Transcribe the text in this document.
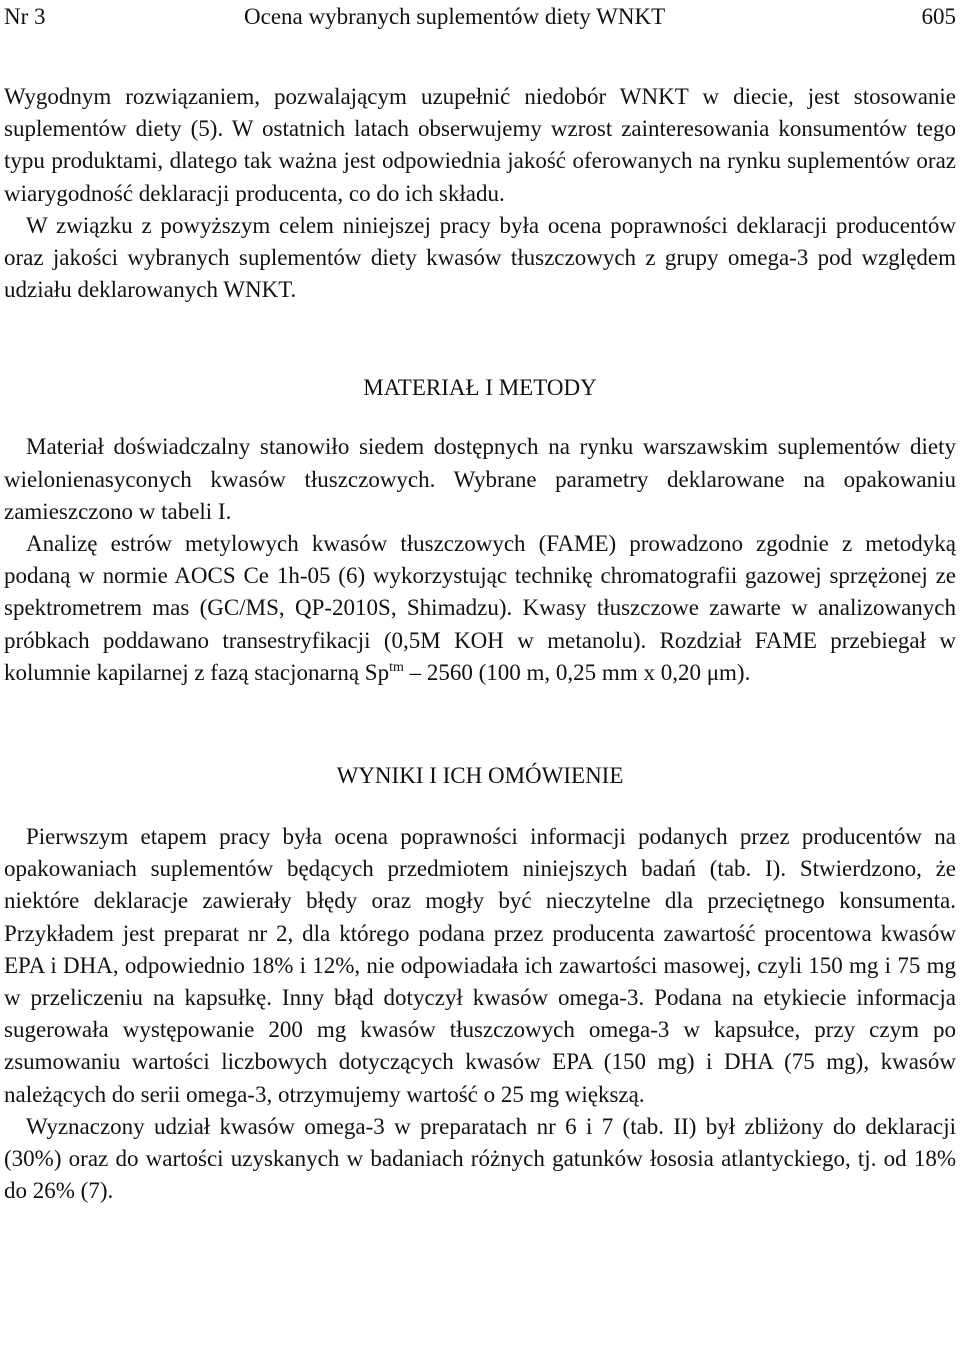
Nr 3	Ocena wybranych suplementów diety WNKT	605

Wygodnym rozwiązaniem, pozwalającym uzupełnić niedobór WNKT w diecie, jest stosowanie suplementów diety (5). W ostatnich latach obserwujemy wzrost zainteresowania konsumentów tego typu produktami, dlatego tak ważna jest odpowiednia jakość oferowanych na rynku suplementów oraz wiarygodność deklaracji producenta, co do ich składu.

W związku z powyższym celem niniejszej pracy była ocena poprawności deklaracji producentów oraz jakości wybranych suplementów diety kwasów tłuszczowych z grupy omega-3 pod względem udziału deklarowanych WNKT.

MATERIAŁ I METODY

Materiał doświadczalny stanowiło siedem dostępnych na rynku warszawskim suplementów diety wielonienasyconych kwasów tłuszczowych. Wybrane parametry deklarowane na opakowaniu zamieszczono w tabeli I.

Analizę estrów metylowych kwasów tłuszczowych (FAME) prowadzono zgodnie z metodyką podaną w normie AOCS Ce 1h-05 (6) wykorzystując technikę chromatografii gazowej sprzężonej ze spektrometrem mas (GC/MS, QP-2010S, Shimadzu). Kwasy tłuszczowe zawarte w analizowanych próbkach poddawano transestryfikacji (0,5M KOH w metanolu). Rozdział FAME przebiegał w kolumnie kapilarnej z fazą stacjonarną $Sp^{tm} - 2560$ (100 m, 0,25 mm x 0,20 μm).

WYNIKI I ICH OMÓWIENIE

Pierwszym etapem pracy była ocena poprawności informacji podanych przez producentów na opakowaniach suplementów będących przedmiotem niniejszych badań (tab. I). Stwierdzono, że niektóre deklaracje zawierały błędy oraz mogły być nieczytelne dla przeciętnego konsumenta. Przykładem jest preparat nr 2, dla którego podana przez producenta zawartość procentowa kwasów EPA i DHA, odpowiednio 18% i 12%, nie odpowiadała ich zawartości masowej, czyli 150 mg i 75 mg w przeliczeniu na kapsułkę. Inny błąd dotyczył kwasów omega-3. Podana na etykiecie informacja sugerowała występowanie 200 mg kwasów tłuszczowych omega-3 w kapsułce, przy czym po zsumowaniu wartości liczbowych dotyczących kwasów EPA (150 mg) i DHA (75 mg), kwasów należących do serii omega-3, otrzymujemy wartość o 25 mg większą.

Wyznaczony udział kwasów omega-3 w preparatach nr 6 i 7 (tab. II) był zbliżony do deklaracji (30%) oraz do wartości uzyskanych w badaniach różnych gatunków łososia atlantyckiego, tj. od 18% do 26% (7).
